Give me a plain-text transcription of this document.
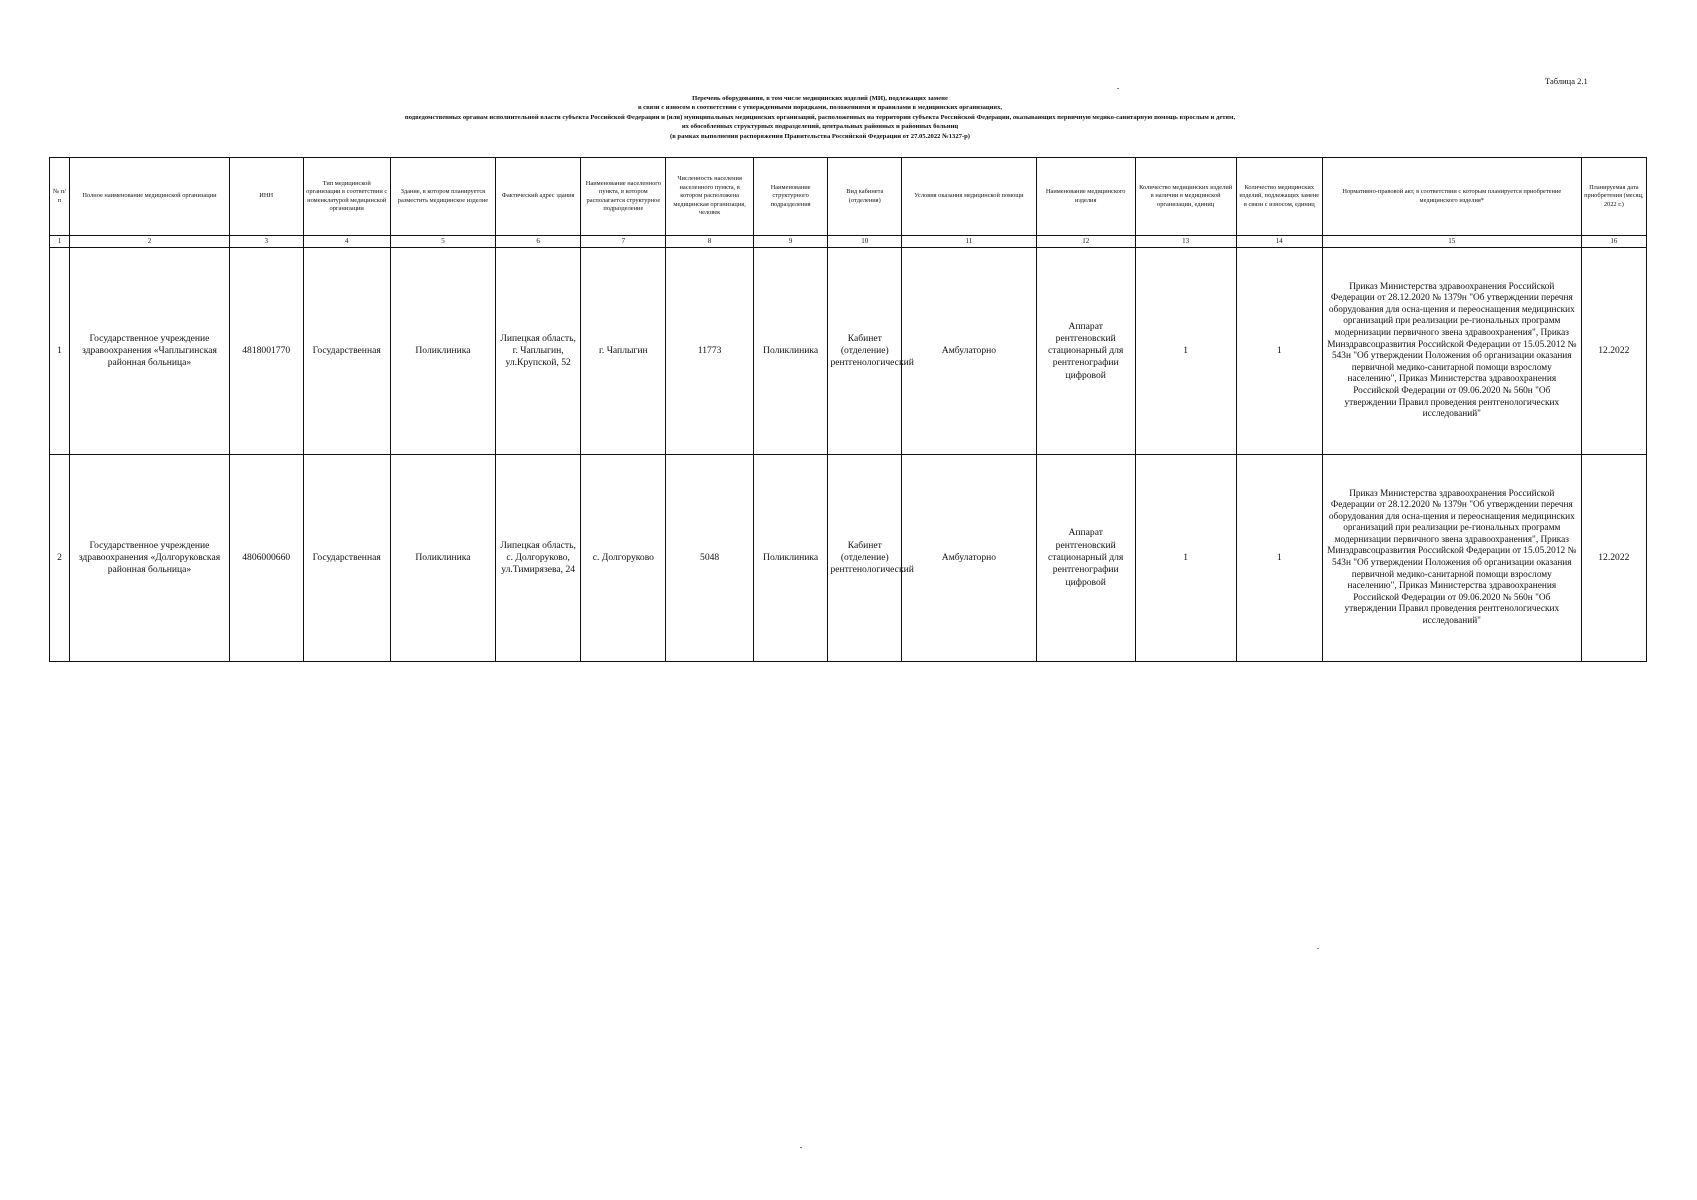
Таблица 2.1
Перечень оборудования, в том числе медицинских изделий (МИ), подлежащих замене
в связи с износом в соответствии с утвержденными порядками, положениями и правилами в медицинских организациях,
подведомственных органам исполнительной власти субъекта Российской Федерации и (или) муниципальных медицинских организаций, расположенных на территории субъекта Российской Федерации, оказывающих первичную медико-санитарную помощь взрослым и детям,
их обособленных структурных подразделений, центральных районных и районных больниц
(в рамках выполнения распоряжения Правительства Российской Федерации от 27.05.2022 №1327-р)
№ п/п	Полное наименование медицинской организации	ИНН	Тип медицинской организации в соответствии с номенклатурой медицинской организации	Здание, в котором планируется разместить медицинское изделие	Фактический адрес здания	Наименование населенного пункта, в котором располагается структурное подразделение	Численность населения населенного пункта, в котором расположена медицинская организация, человек	Наименование структурного подразделения	Вид кабинета (отделения)	Условия оказания медицинской помощи	Наименование медицинского изделия	Количество медицинских изделий в наличии в медицинской организации, единиц	Количество медицинских изделий, подлежащих замене в связи с износом, единиц	Нормативно-правовой акт, в соответствии с которым планируется приобретение медицинского изделия*	Планируемая дата приобретения (месяц, 2022 г.)
1	2	3	4	5	6	7	8	9	10	11	12	13	14	15	16
1	Государственное учреждение здравоохранения «Чаплыгинская районная больница»	4818001770	Государственная	Поликлиника	Липецкая область, г. Чаплыгин, ул.Крупской, 52	г. Чаплыгин	11773	Поликлиника	Кабинет (отделение) рентгенологический	Амбулаторно	Аппарат рентгеновский стационарный для рентгенографии цифровой	1	1	Приказ Министерства здравоохранения Российской Федерации от 28.12.2020 № 1379н "Об утверждении перечня оборудования для осна-щения и переоснащения медицинских организаций при реализации ре-гиональных программ модернизации первичного звена здравоохранения", Приказ Минздравсоцразвития Российской Федерации от 15.05.2012 № 543н "Об утверждении Положения об организации оказания первичной медико-санитарной помощи взрослому населению", Приказ Министерства здравоохранения Российской Федерации от 09.06.2020 № 560н "Об утверждении Правил проведения рентгенологических исследований"	12.2022
2	Государственное учреждение здравоохранения «Долгоруковская районная больница»	4806000660	Государственная	Поликлиника	Липецкая область, с. Долгоруково, ул.Тимирязева, 24	с. Долгоруково	5048	Поликлиника	Кабинет (отделение) рентгенологический	Амбулаторно	Аппарат рентгеновский стационарный для рентгенографии цифровой	1	1	Приказ Министерства здравоохранения Российской Федерации от 28.12.2020 № 1379н "Об утверждении перечня оборудования для осна-щения и переоснащения медицинских организаций при реализации ре-гиональных программ модернизации первичного звена здравоохранения", Приказ Минздравсоцразвития Российской Федерации от 15.05.2012 № 543н "Об утверждении Положения об организации оказания первичной медико-санитарной помощи взрослому населению", Приказ Министерства здравоохранения Российской Федерации от 09.06.2020 № 560н "Об утверждении Правил проведения рентгенологических исследований"	12.2022
